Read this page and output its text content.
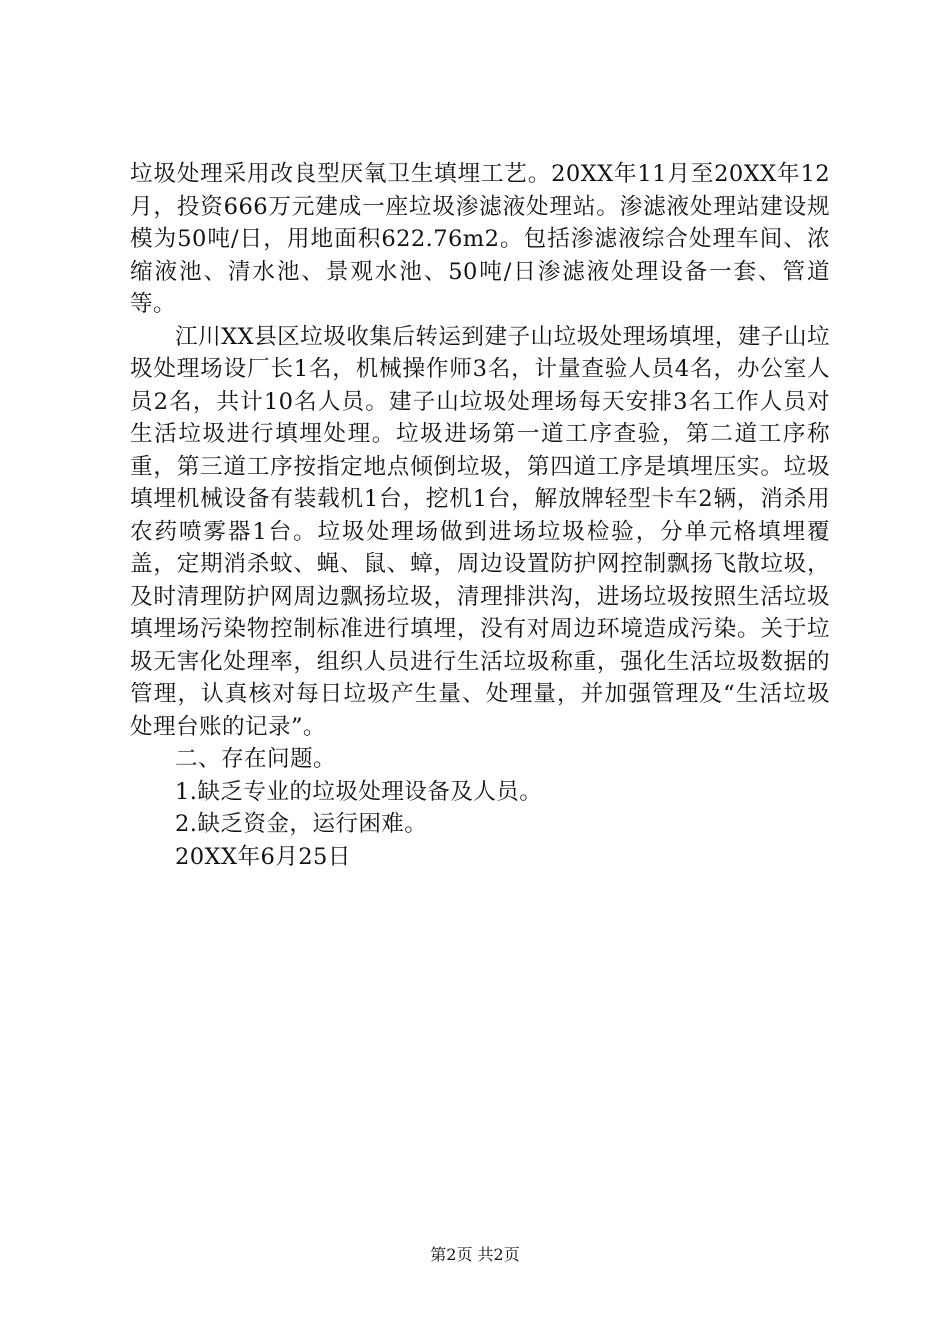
垃圾处理采用改良型厌氧卫生填埋工艺。20XX年11月至20XX年12月，投资666万元建成一座垃圾渗滤液处理站。渗滤液处理站建设规模为50吨/日，用地面积622.76m2。包括渗滤液综合处理车间、浓缩液池、清水池、景观水池、50吨/日渗滤液处理设备一套、管道等。

江川XX县区垃圾收集后转运到建子山垃圾处理场填埋，建子山垃圾处理场设厂长1名，机械操作师3名，计量查验人员4名，办公室人员2名，共计10名人员。建子山垃圾处理场每天安排3名工作人员对生活垃圾进行填埋处理。垃圾进场第一道工序查验，第二道工序称重，第三道工序按指定地点倾倒垃圾，第四道工序是填埋压实。垃圾填埋机械设备有装载机1台，挖机1台，解放牌轻型卡车2辆，消杀用农药喷雾器1台。垃圾处理场做到进场垃圾检验，分单元格填埋覆盖，定期消杀蚊、蝇、鼠、蟑，周边设置防护网控制飘扬飞散垃圾，及时清理防护网周边飘扬垃圾，清理排洪沟，进场垃圾按照生活垃圾填埋场污染物控制标准进行填埋，没有对周边环境造成污染。关于垃圾无害化处理率，组织人员进行生活垃圾称重，强化生活垃圾数据的管理，认真核对每日垃圾产生量、处理量，并加强管理及“生活垃圾处理台账的记录”。

二、存在问题。

1.缺乏专业的垃圾处理设备及人员。

2.缺乏资金，运行困难。

20XX年6月25日

第2页 共2页
